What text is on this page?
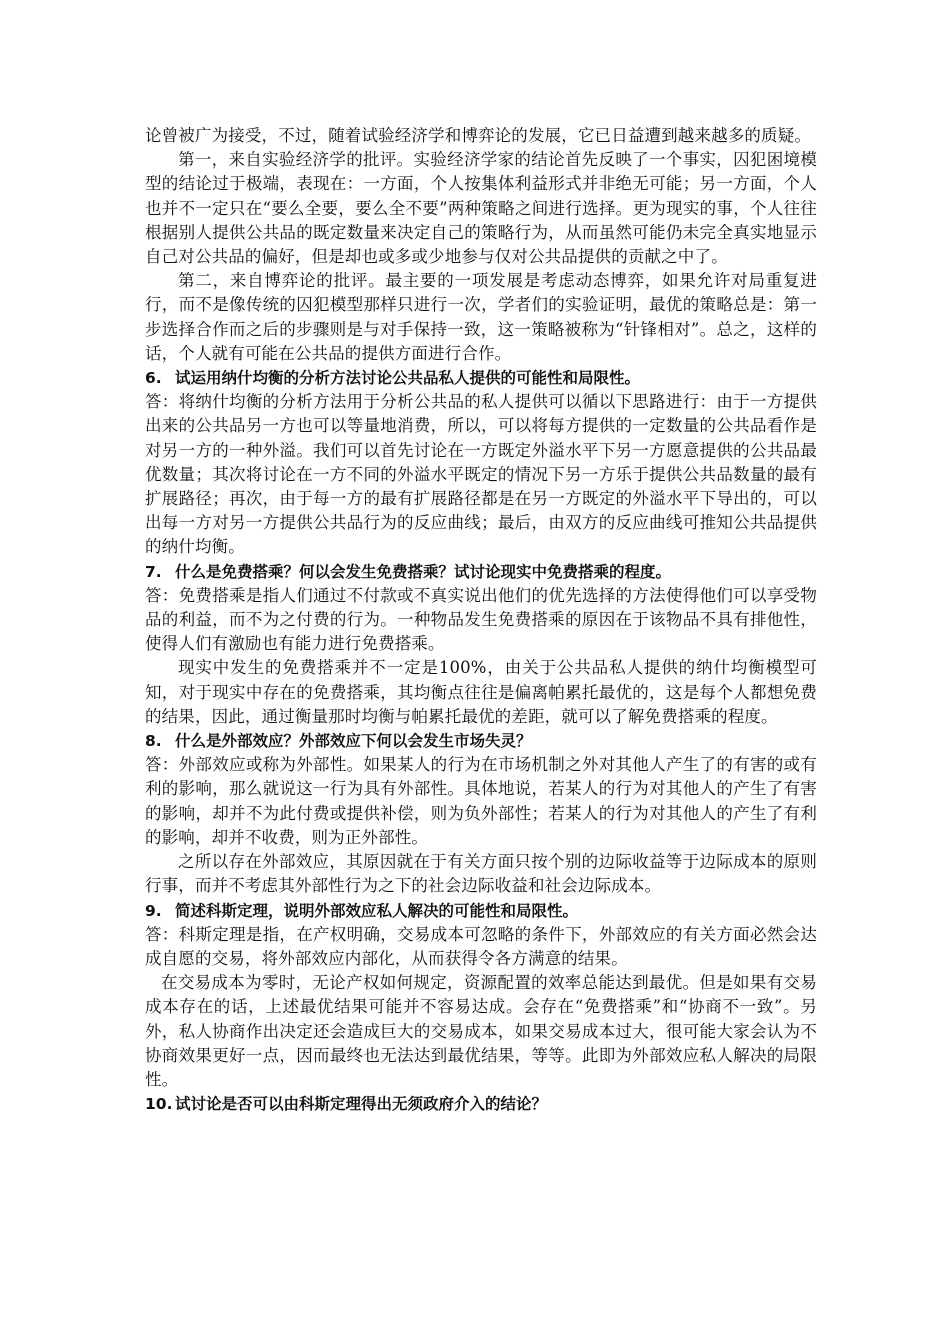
论曾被广为接受，不过，随着试验经济学和博弈论的发展，它已日益遭到越来越多的质疑。

第一，来自实验经济学的批评。实验经济学家的结论首先反映了一个事实，囚犯困境模型的结论过于极端，表现在：一方面，个人按集体利益形式并非绝无可能；另一方面，个人也并不一定只在“要么全要，要么全不要”两种策略之间进行选择。更为现实的事，个人往往根据别人提供公共品的既定数量来决定自己的策略行为，从而虽然可能仍未完全真实地显示自己对公共品的偏好，但是却也或多或少地参与仅对公共品提供的贡献之中了。

第二，来自博弈论的批评。最主要的一项发展是考虑动态博弈，如果允许对局重复进行，而不是像传统的囚犯模型那样只进行一次，学者们的实验证明，最优的策略总是：第一步选择合作而之后的步骤则是与对手保持一致，这一策略被称为“针锋相对”。总之，这样的话，个人就有可能在公共品的提供方面进行合作。

6. 试运用纳什均衡的分析方法讨论公共品私人提供的可能性和局限性。

答：将纳什均衡的分析方法用于分析公共品的私人提供可以循以下思路进行：由于一方提供出来的公共品另一方也可以等量地消费，所以，可以将每方提供的一定数量的公共品看作是对另一方的一种外溢。我们可以首先讨论在一方既定外溢水平下另一方愿意提供的公共品最优数量；其次将讨论在一方不同的外溢水平既定的情况下另一方乐于提供公共品数量的最有扩展路径；再次，由于每一方的最有扩展路径都是在另一方既定的外溢水平下导出的，可以出每一方对另一方提供公共品行为的反应曲线；最后，由双方的反应曲线可推知公共品提供的纳什均衡。

7. 什么是免费搭乘？何以会发生免费搭乘？试讨论现实中免费搭乘的程度。

答：免费搭乘是指人们通过不付款或不真实说出他们的优先选择的方法使得他们可以享受物品的利益，而不为之付费的行为。一种物品发生免费搭乘的原因在于该物品不具有排他性，使得人们有激励也有能力进行免费搭乘。

现实中发生的免费搭乘并不一定是100%，由关于公共品私人提供的纳什均衡模型可知，对于现实中存在的免费搭乘，其均衡点往往是偏离帕累托最优的，这是每个人都想免费的结果，因此，通过衡量那时均衡与帕累托最优的差距，就可以了解免费搭乘的程度。

8. 什么是外部效应？外部效应下何以会发生市场失灵？

答：外部效应或称为外部性。如果某人的行为在市场机制之外对其他人产生了的有害的或有利的影响，那么就说这一行为具有外部性。具体地说，若某人的行为对其他人的产生了有害的影响，却并不为此付费或提供补偿，则为负外部性；若某人的行为对其他人的产生了有利的影响，却并不收费，则为正外部性。

之所以存在外部效应，其原因就在于有关方面只按个别的边际收益等于边际成本的原则行事，而并不考虑其外部性行为之下的社会边际收益和社会边际成本。

9. 简述科斯定理，说明外部效应私人解决的可能性和局限性。

答：科斯定理是指，在产权明确，交易成本可忽略的条件下，外部效应的有关方面必然会达成自愿的交易，将外部效应内部化，从而获得令各方满意的结果。

在交易成本为零时，无论产权如何规定，资源配置的效率总能达到最优。但是如果有交易成本存在的话，上述最优结果可能并不容易达成。会存在“免费搭乘”和“协商不一致”。另外，私人协商作出决定还会造成巨大的交易成本，如果交易成本过大，很可能大家会认为不协商效果更好一点，因而最终也无法达到最优结果，等等。此即为外部效应私人解决的局限性。

10. 试讨论是否可以由科斯定理得出无须政府介入的结论？
